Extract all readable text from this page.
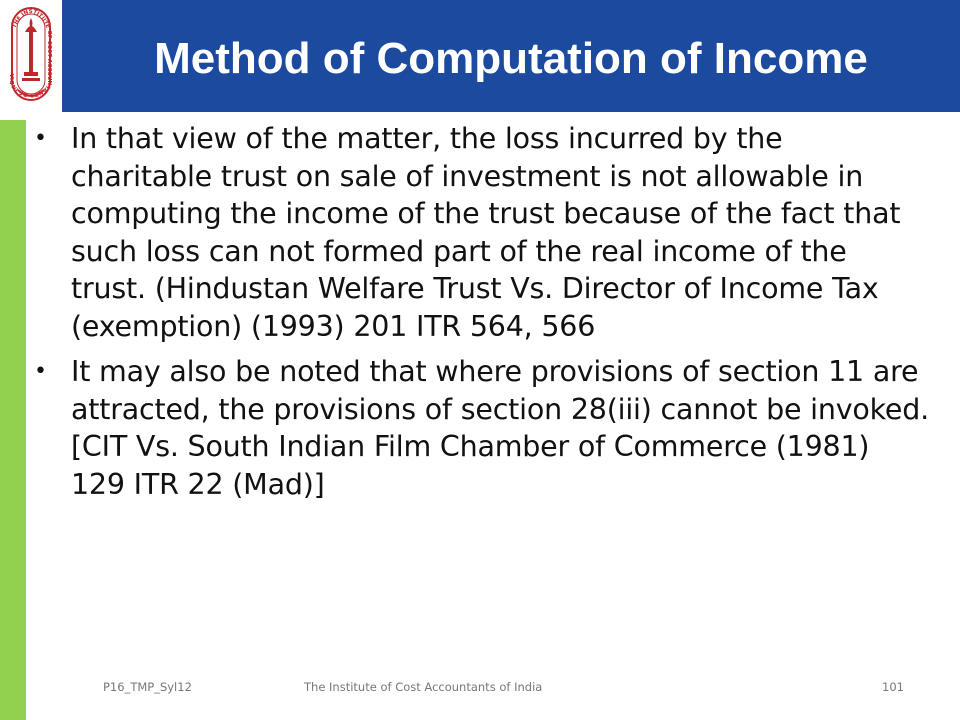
THE INSTITUTE OF COST ACCOUNTANTS OF INDIA	Method of Computation of Income
• In that view of the matter, the loss incurred by the charitable trust on sale of investment is not allowable in computing the income of the trust because of the fact that such loss can not formed part of the real income of the trust. (Hindustan Welfare Trust Vs. Director of Income Tax (exemption) (1993) 201 ITR 564, 566
• It may also be noted that where provisions of section 11 are attracted, the provisions of section 28(iii) cannot be invoked. [CIT Vs. South Indian Film Chamber of Commerce (1981) 129 ITR 22 (Mad)]
P16_TMP_Syl12	The Institute of Cost Accountants of India	101
